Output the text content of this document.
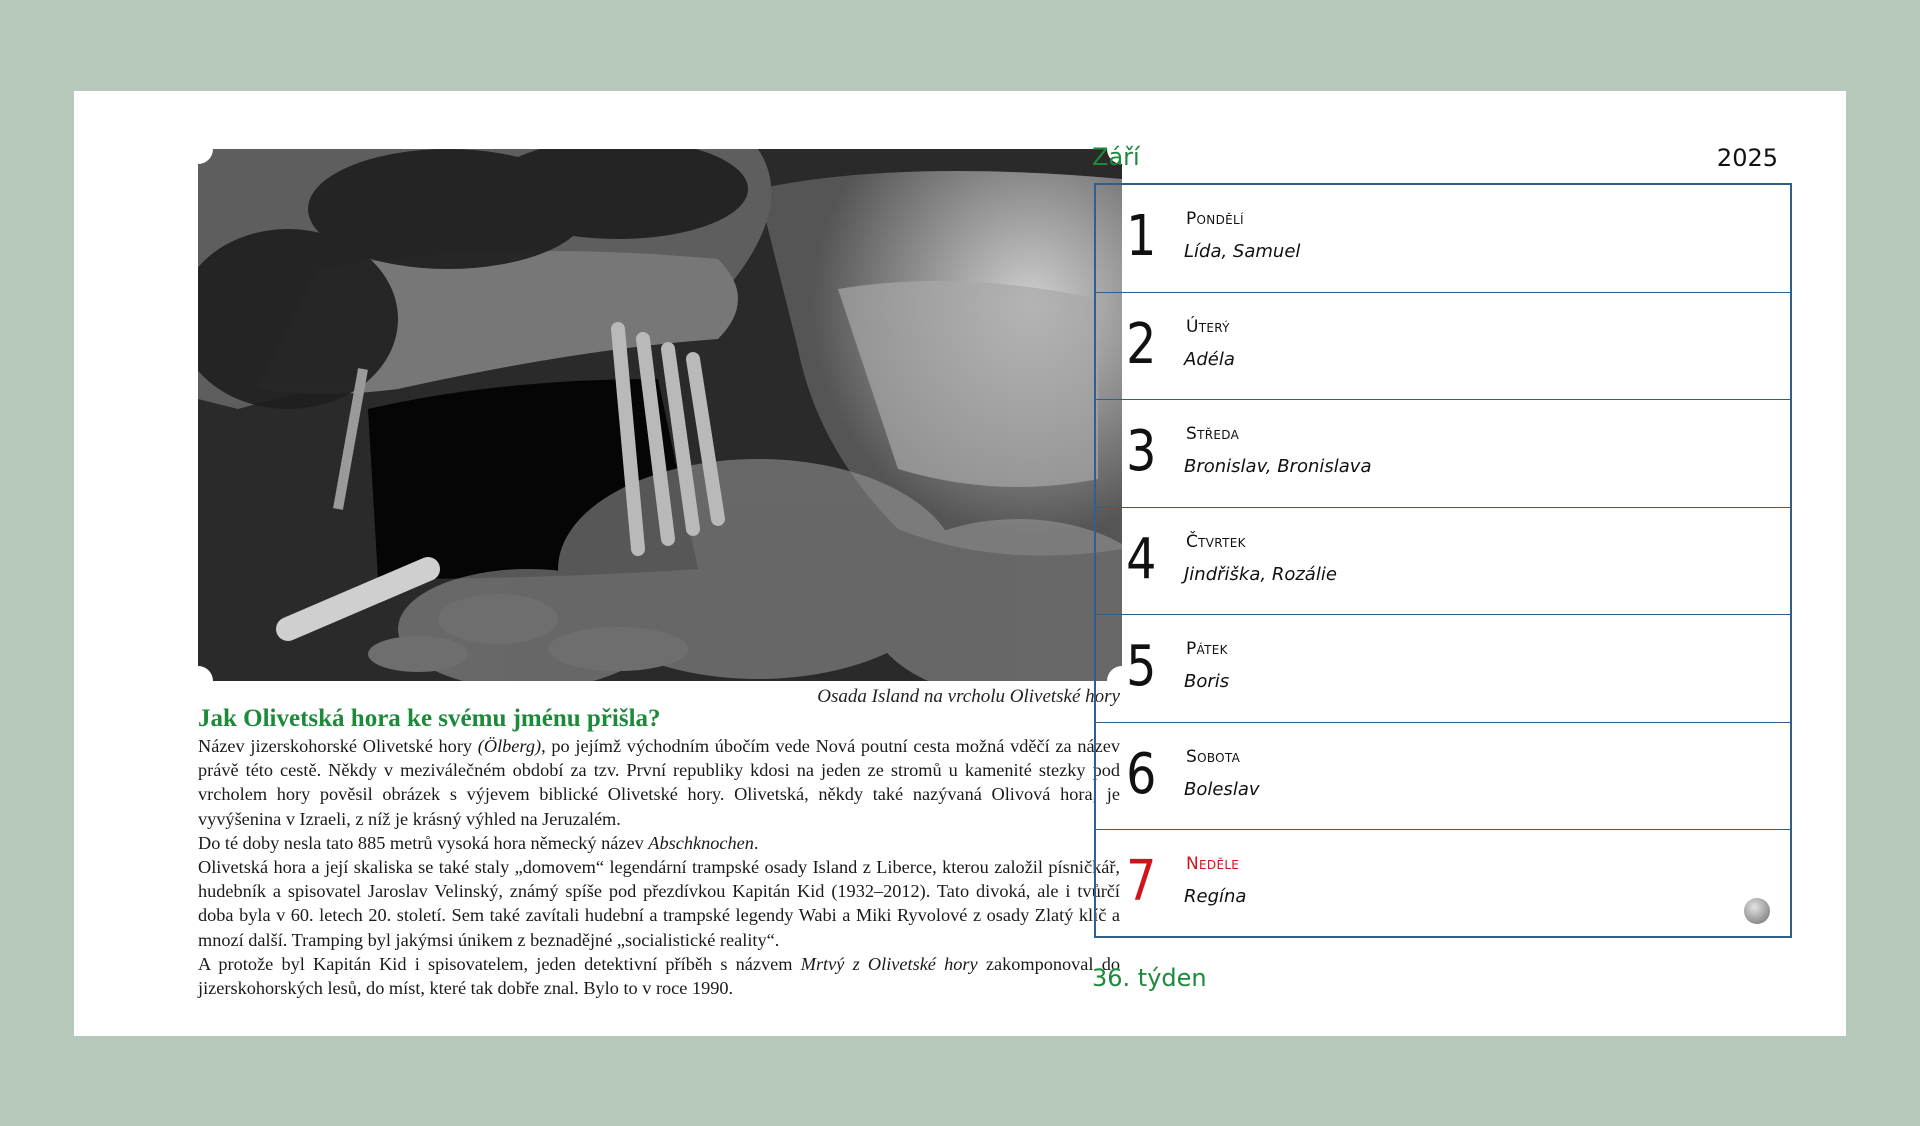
Osada Island na vrcholu Olivetské hory
Jak Olivetská hora ke svému jménu přišla?

Název jizerskohorské Olivetské hory (Ölberg), po jejímž východním úbočím vede Nová poutní cesta možná vděčí za název právě této cestě. Někdy v meziválečném období za tzv. První republiky kdosi na jeden ze stromů u kamenité stezky pod vrcholem hory pověsil obrázek s výjevem biblické Olivetské hory. Olivetská, někdy také nazývaná Olivová hora, je vyvýšenina v Izraeli, z níž je krásný výhled na Jeruzalém.

Do té doby nesla tato 885 metrů vysoká hora německý název Abschknochen.

Olivetská hora a její skaliska se také staly „domovem“ legendární trampské osady Island z Liberce, kterou založil písničkář, hudebník a spisovatel Jaroslav Velinský, známý spíše pod přezdívkou Kapitán Kid (1932–2012). Tato divoká, ale i tvůrčí doba byla v 60. letech 20. století. Sem také zavítali hudební a trampské legendy Wabi a Miki Ryvolové z osady Zlatý klíč a mnozí další. Tramping byl jakýmsi únikem z beznadějné „socialistické reality“.

A protože byl Kapitán Kid i spisovatelem, jeden detektivní příběh s názvem Mrtvý z Olivetské hory zakomponoval do jizerskohorských lesů, do míst, které tak dobře znal. Bylo to v roce 1990.

Září	2025
1	Pondělí
Lída, Samuel
2	Úterý
Adéla
3	Středa
Bronislav, Bronislava
4	Čtvrtek
Jindřiška, Rozálie
5	Pátek
Boris
6	Sobota
Boleslav
7	Neděle
Regína
36. týden
